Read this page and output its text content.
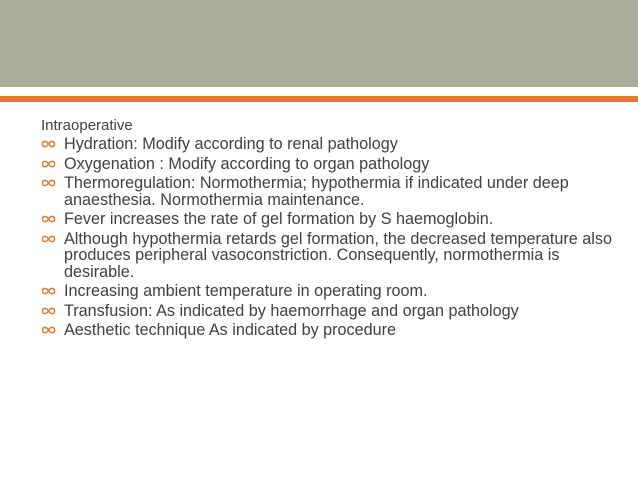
Intraoperative
Hydration: Modify according to renal pathology
Oxygenation : Modify according to organ pathology
Thermoregulation: Normothermia; hypothermia if indicated under deep anaesthesia. Normothermia maintenance.
Fever increases the rate of gel formation by S haemoglobin.
Although hypothermia retards gel formation, the decreased temperature also produces peripheral vasoconstriction. Consequently, normothermia is desirable.
Increasing ambient temperature in operating room.
Transfusion: As indicated by haemorrhage and organ pathology
Aesthetic technique As indicated by procedure
